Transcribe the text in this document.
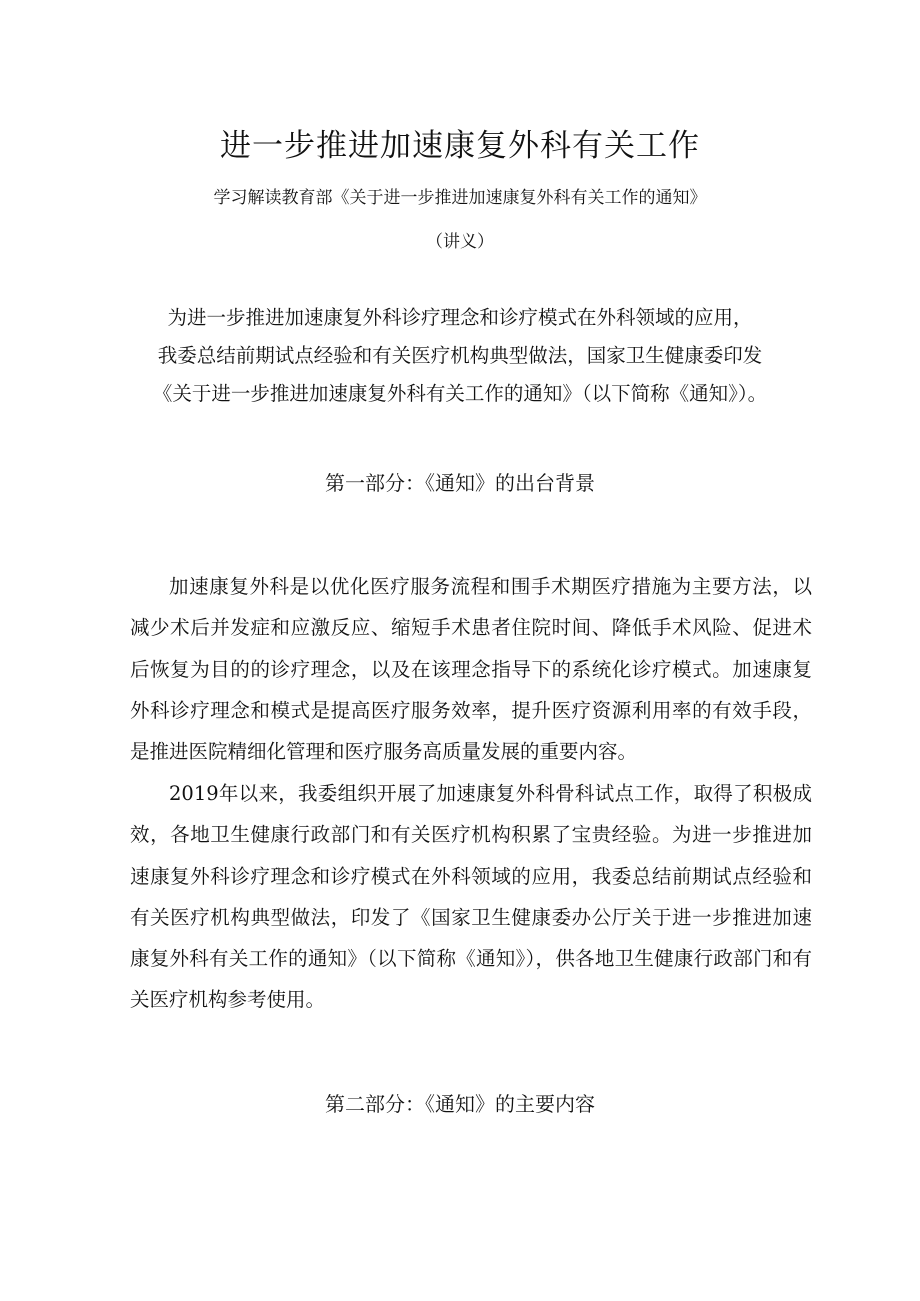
进一步推进加速康复外科有关工作
学习解读教育部《关于进一步推进加速康复外科有关工作的通知》
（讲义）
为进一步推进加速康复外科诊疗理念和诊疗模式在外科领域的应用，
我委总结前期试点经验和有关医疗机构典型做法，国家卫生健康委印发
《关于进一步推进加速康复外科有关工作的通知》（以下简称《通知》）。
第一部分：《通知》的出台背景

加速康复外科是以优化医疗服务流程和围手术期医疗措施为主要方法，以减少术后并发症和应激反应、缩短手术患者住院时间、降低手术风险、促进术后恢复为目的的诊疗理念，以及在该理念指导下的系统化诊疗模式。加速康复外科诊疗理念和模式是提高医疗服务效率，提升医疗资源利用率的有效手段，是推进医院精细化管理和医疗服务高质量发展的重要内容。

2019年以来，我委组织开展了加速康复外科骨科试点工作，取得了积极成效，各地卫生健康行政部门和有关医疗机构积累了宝贵经验。为进一步推进加速康复外科诊疗理念和诊疗模式在外科领域的应用，我委总结前期试点经验和有关医疗机构典型做法，印发了《国家卫生健康委办公厅关于进一步推进加速康复外科有关工作的通知》（以下简称《通知》），供各地卫生健康行政部门和有关医疗机构参考使用。

第二部分：《通知》的主要内容
